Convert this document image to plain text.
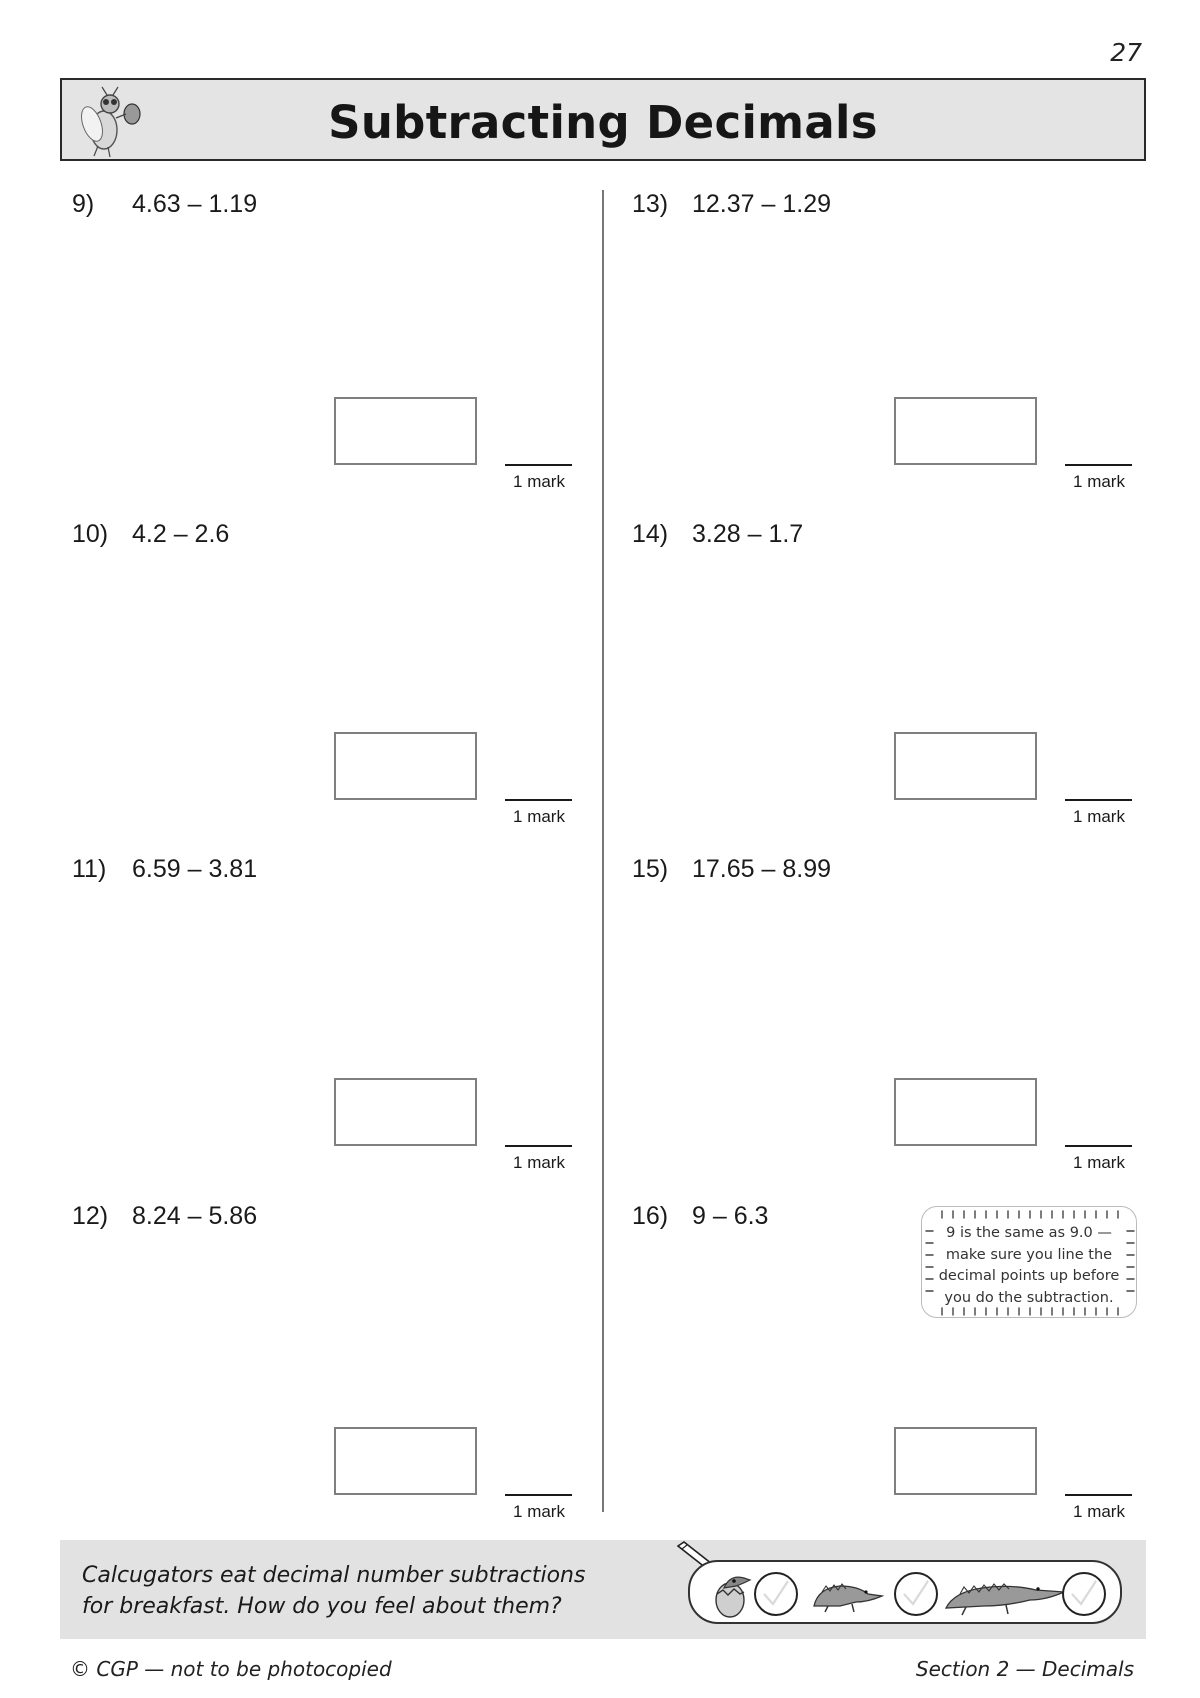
27
Subtracting Decimals
9) 4.63 – 1.19
1 mark
10) 4.2 – 2.6
1 mark
11) 6.59 – 3.81
1 mark
12) 8.24 – 5.86
1 mark
13) 12.37 – 1.29
1 mark
14) 3.28 – 1.7
1 mark
15) 17.65 – 8.99
1 mark
16) 9 – 6.3
1 mark
9 is the same as 9.0 —
make sure you line the
decimal points up before
you do the subtraction.
Calcugators eat decimal number subtractions
for breakfast. How do you feel about them?
© CGP — not to be photocopied	Section 2 — Decimals
